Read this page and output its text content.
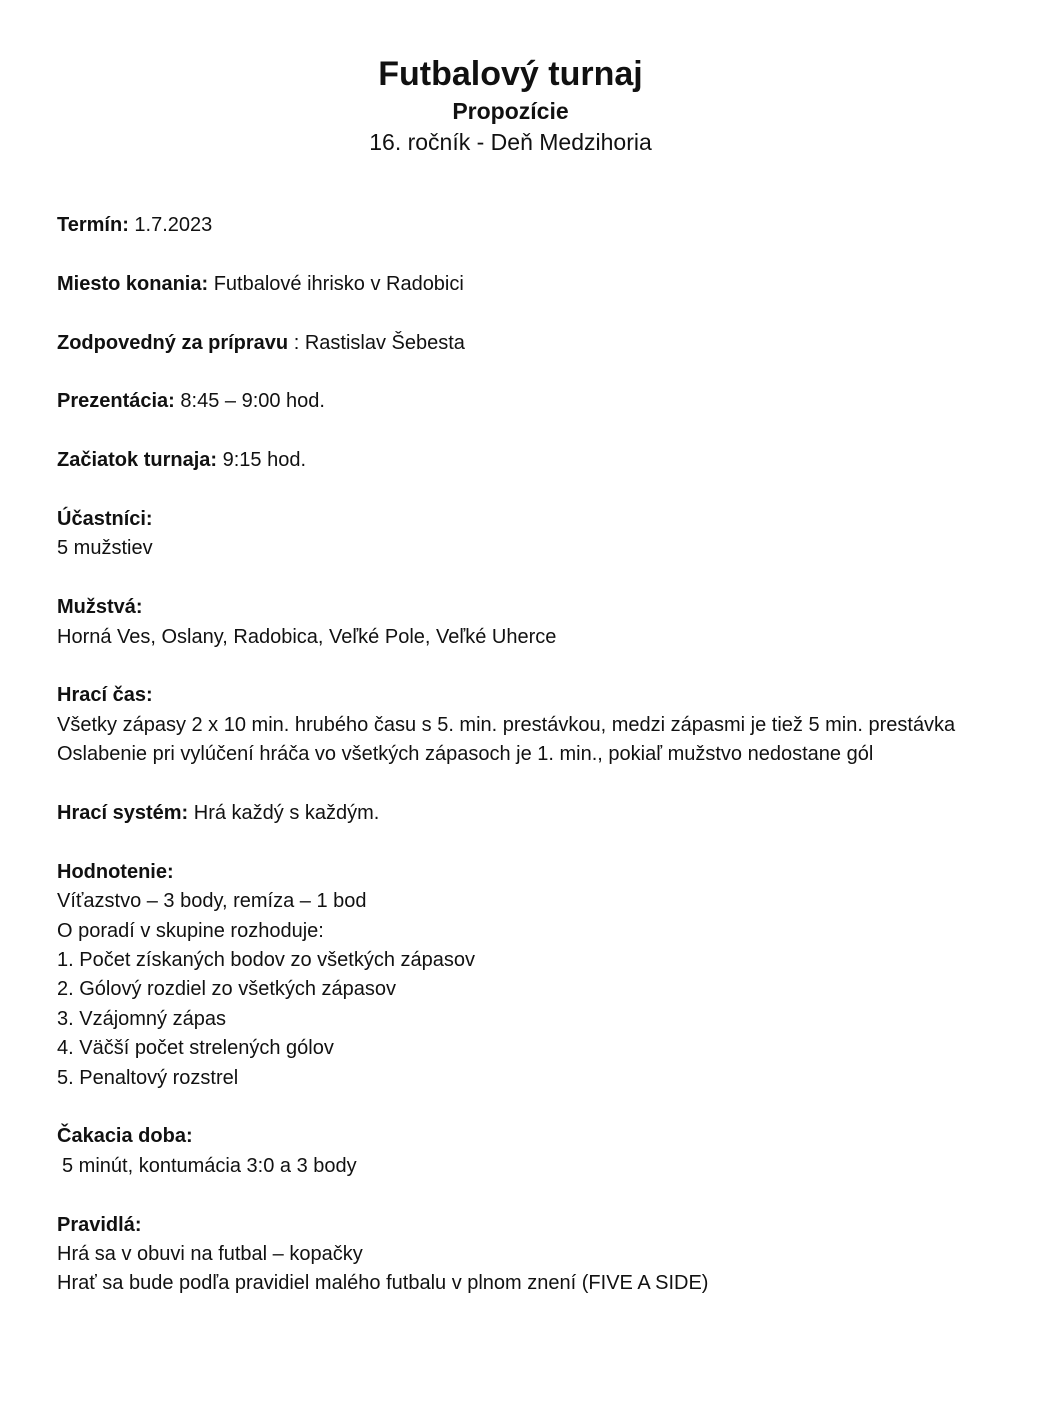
Futbalový turnaj
Propozície
16. ročník - Deň Medzihoria
Termín: 1.7.2023
Miesto konania: Futbalové ihrisko v Radobici
Zodpovedný za prípravu : Rastislav Šebesta
Prezentácia: 8:45 – 9:00 hod.
Začiatok turnaja: 9:15 hod.
Účastníci:
5 mužstiev
Mužstvá:
Horná Ves, Oslany, Radobica, Veľké Pole, Veľké Uherce
Hrací čas:
Všetky zápasy 2 x 10 min. hrubého času s 5. min. prestávkou, medzi zápasmi je tiež 5 min. prestávka
Oslabenie pri vylúčení hráča vo všetkých zápasoch je 1. min., pokiaľ mužstvo nedostane gól
Hrací systém: Hrá každý s každým.
Hodnotenie:
Víťazstvo – 3 body, remíza – 1 bod
O poradí v skupine rozhoduje:
1. Počet získaných bodov zo všetkých zápasov
2. Gólový rozdiel zo všetkých zápasov
3. Vzájomný zápas
4. Väčší počet strelených gólov
5. Penaltový rozstrel
Čakacia doba:
5 minút, kontumácia 3:0 a 3 body
Pravidlá:
Hrá sa v obuvi na futbal – kopačky
Hrať sa bude podľa pravidiel malého futbalu v plnom znení (FIVE A SIDE)
